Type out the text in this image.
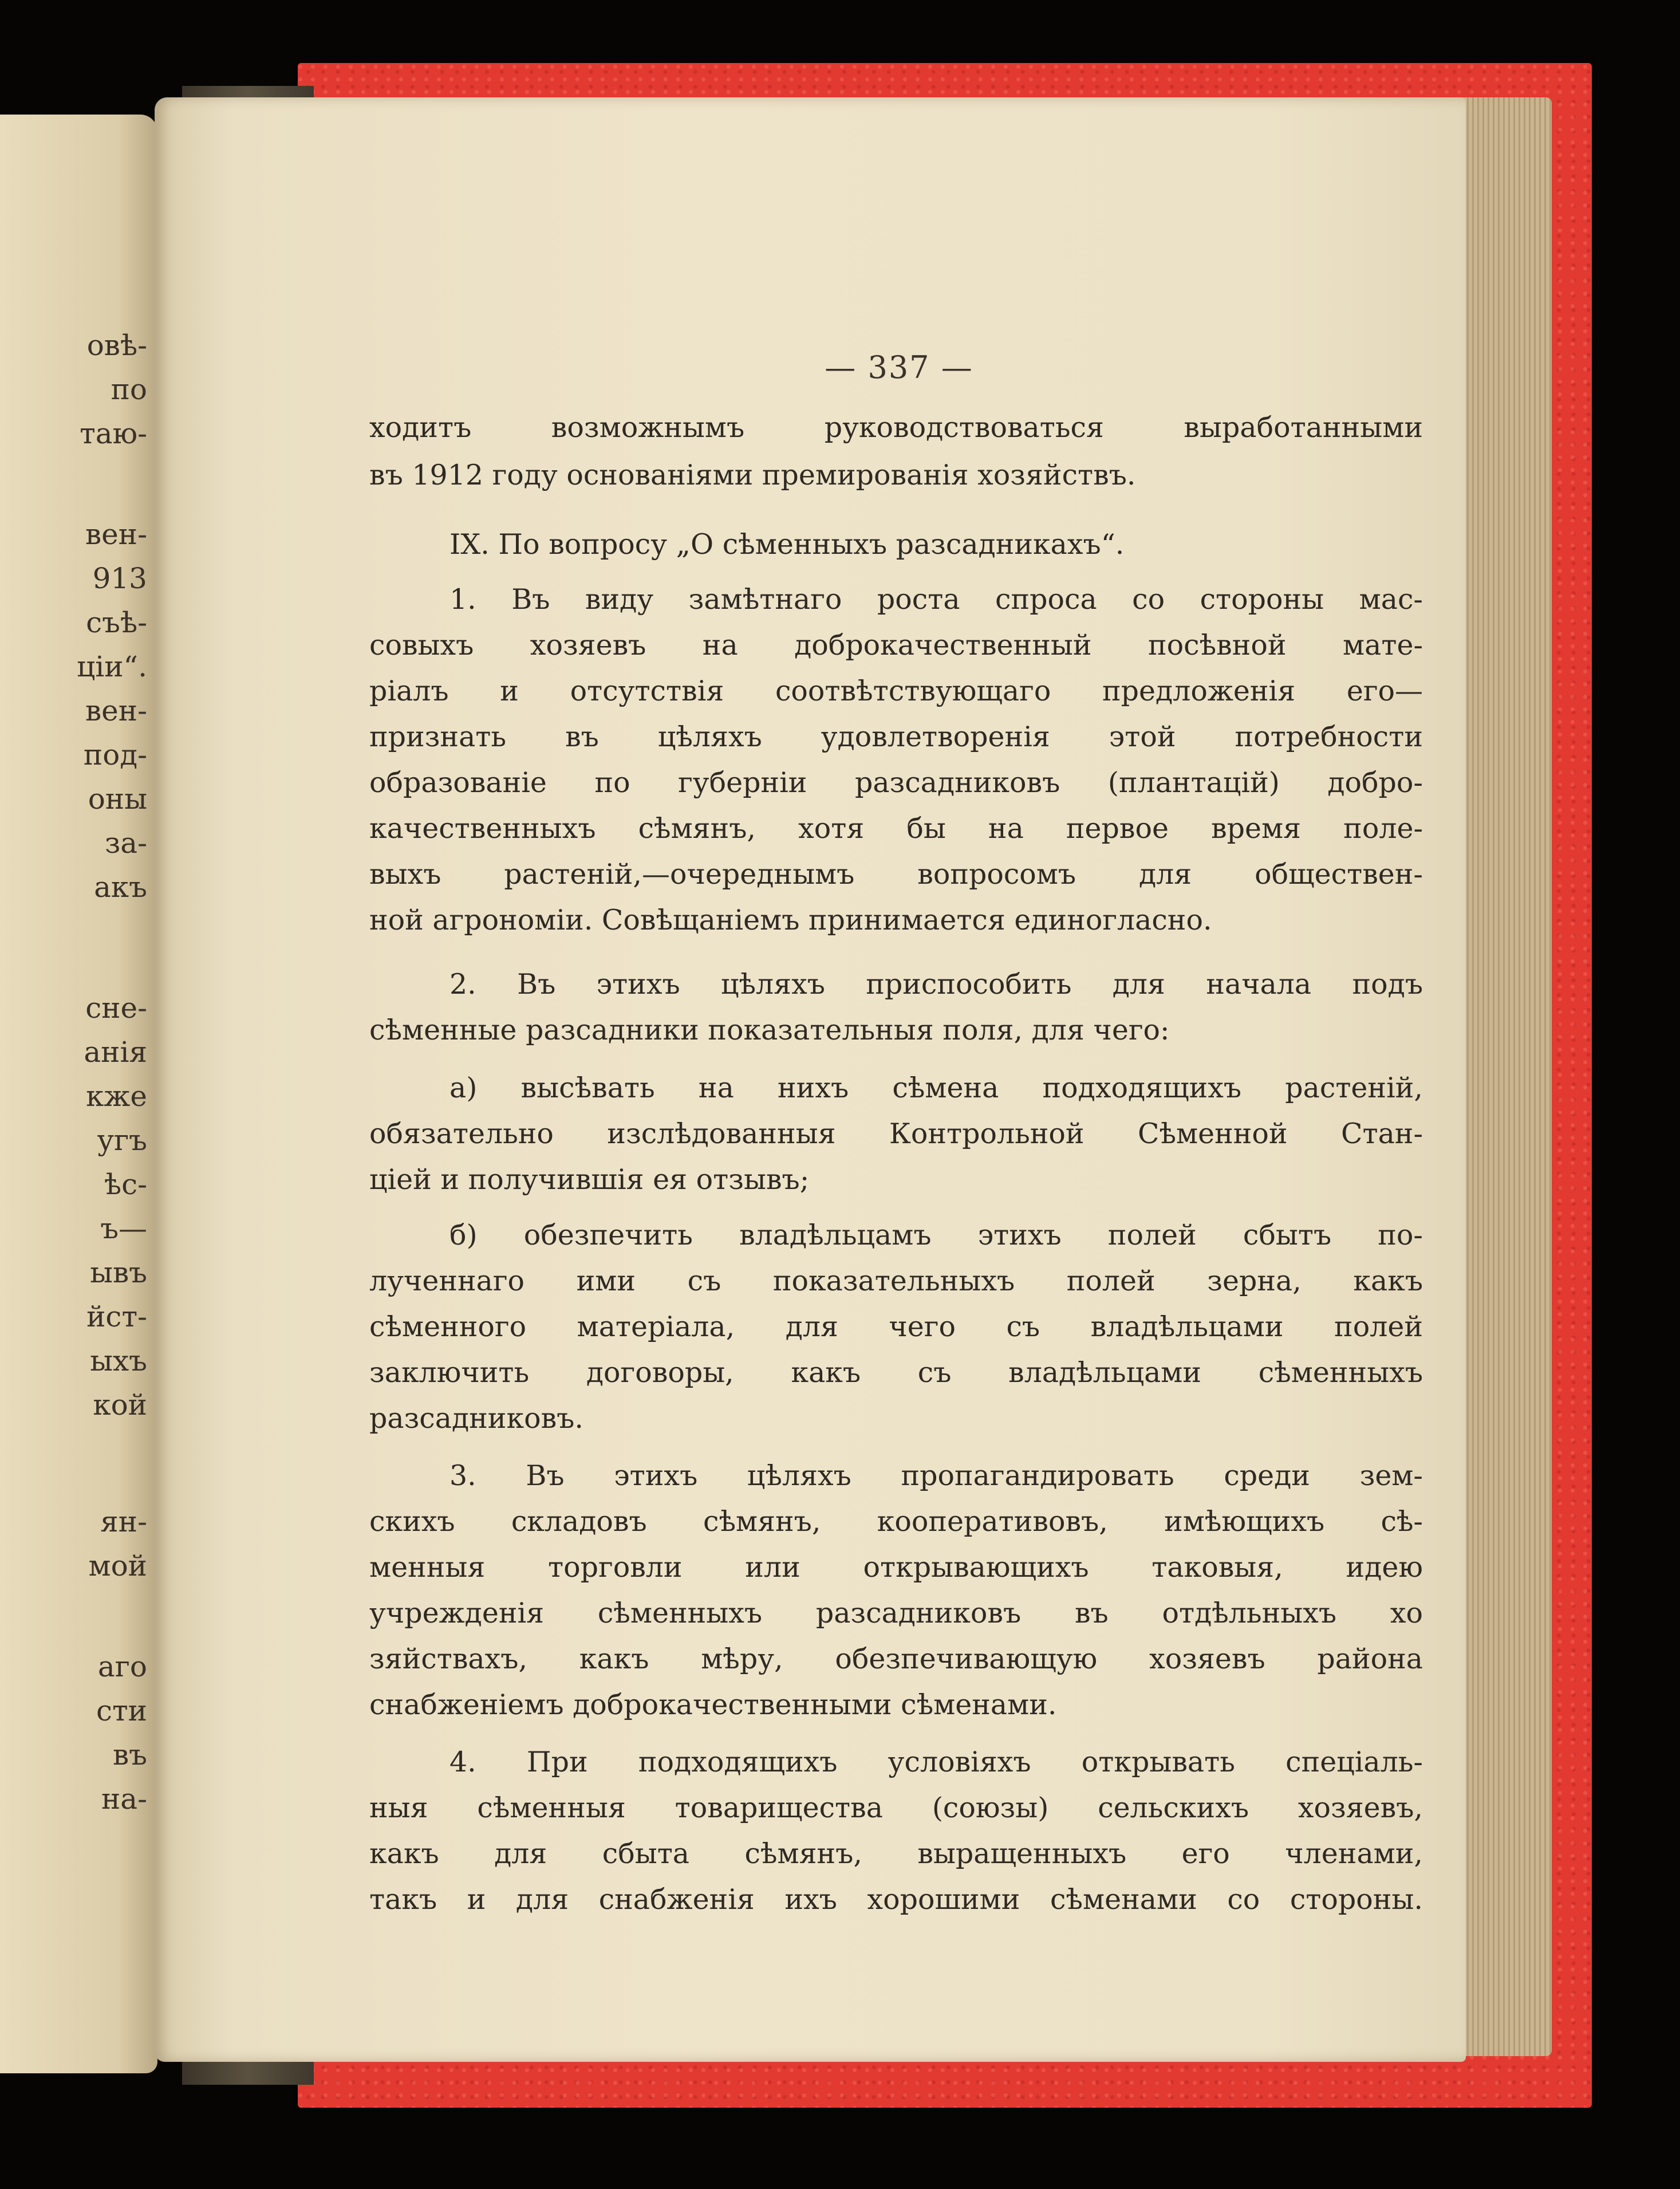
овѣ-
по
таю-
вен-
913
съѣ-
ціи“.
вен-
под-
оны
за-
акъ
сне-
анія
кже
угъ
ѣс-
ъ—
ывъ
йст-
ыхъ
кой
ян-
мой
аго
сти
въ
на-
— 337 —
ходитъ возможнымъ руководствоваться выработанными
въ 1912 году основаніями премированія хозяйствъ.
IX. По вопросу „О сѣменныхъ разсадникахъ“.
1. Въ виду замѣтнаго роста спроса со стороны мас-
совыхъ хозяевъ на доброкачественный посѣвной мате-
ріалъ и отсутствія соотвѣтствующаго предложенія его—
признать въ цѣляхъ удовлетворенія этой потребности
образованіе по губерніи разсадниковъ (плантацій) добро-
качественныхъ сѣмянъ, хотя бы на первое время поле-
выхъ растеній,—очереднымъ вопросомъ для обществен-
ной агрономіи. Совѣщаніемъ принимается единогласно.
2. Въ этихъ цѣляхъ приспособить для начала подъ
сѣменные разсадники показательныя поля, для чего:
а) высѣвать на нихъ сѣмена подходящихъ растеній,
обязательно изслѣдованныя Контрольной Сѣменной Стан-
ціей и получившія ея отзывъ;
б) обезпечить владѣльцамъ этихъ полей сбытъ по-
лученнаго ими съ показательныхъ полей зерна, какъ
сѣменного матеріала, для чего съ владѣльцами полей
заключить договоры, какъ съ владѣльцами сѣменныхъ
разсадниковъ.
3. Въ этихъ цѣляхъ пропагандировать среди зем-
скихъ складовъ сѣмянъ, кооперативовъ, имѣющихъ сѣ-
менныя торговли или открывающихъ таковыя, идею
учрежденія сѣменныхъ разсадниковъ въ отдѣльныхъ хо
зяйствахъ, какъ мѣру, обезпечивающую хозяевъ района
снабженіемъ доброкачественными сѣменами.
4. При подходящихъ условіяхъ открывать спеціаль-
ныя сѣменныя товарищества (союзы) сельскихъ хозяевъ,
какъ для сбыта сѣмянъ, выращенныхъ его членами,
такъ и для снабженія ихъ хорошими сѣменами со стороны.
